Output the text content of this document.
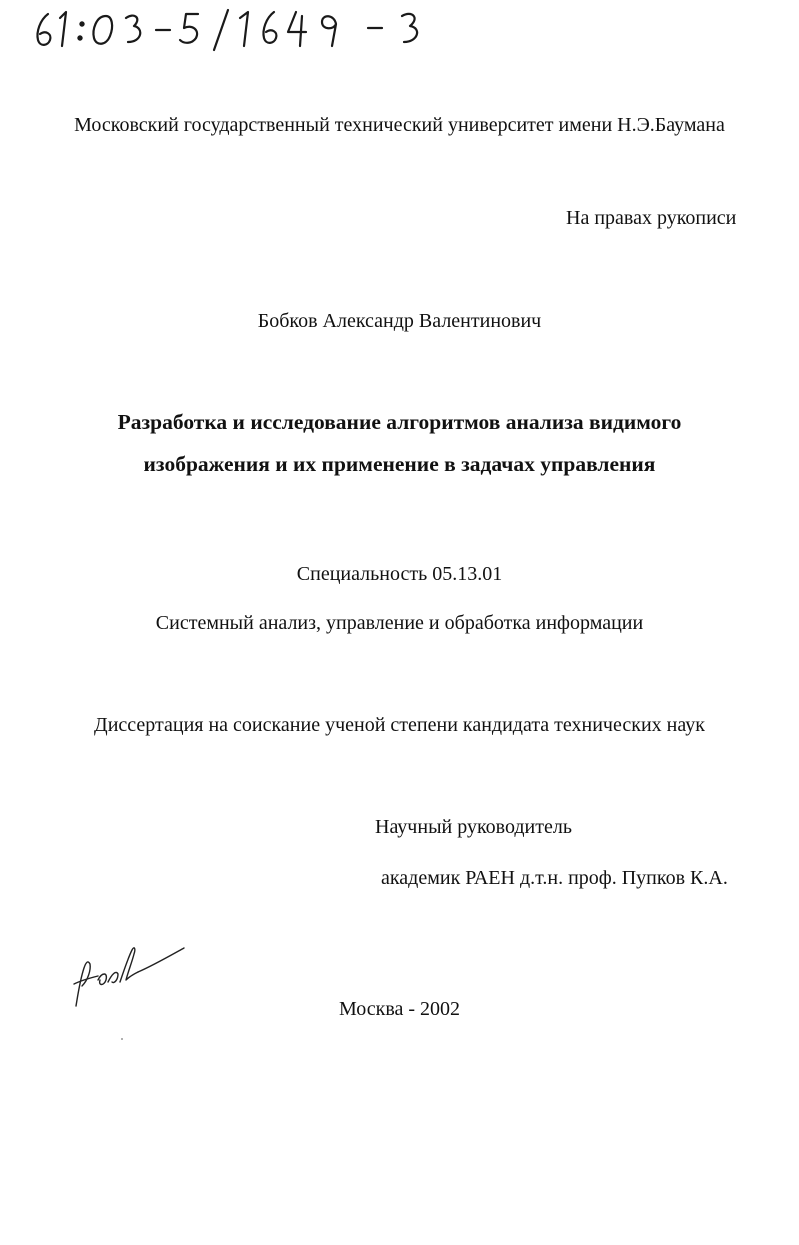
Московский государственный технический университет имени Н.Э.Баумана
На правах рукописи
Бобков Александр Валентинович
Разработка и исследование алгоритмов анализа видимого
изображения и их применение в задачах управления
Специальность 05.13.01
Системный анализ, управление и обработка информации
Диссертация на соискание ученой степени кандидата технических наук
Научный руководитель
академик РАЕН д.т.н. проф. Пупков К.А.
Москва - 2002
